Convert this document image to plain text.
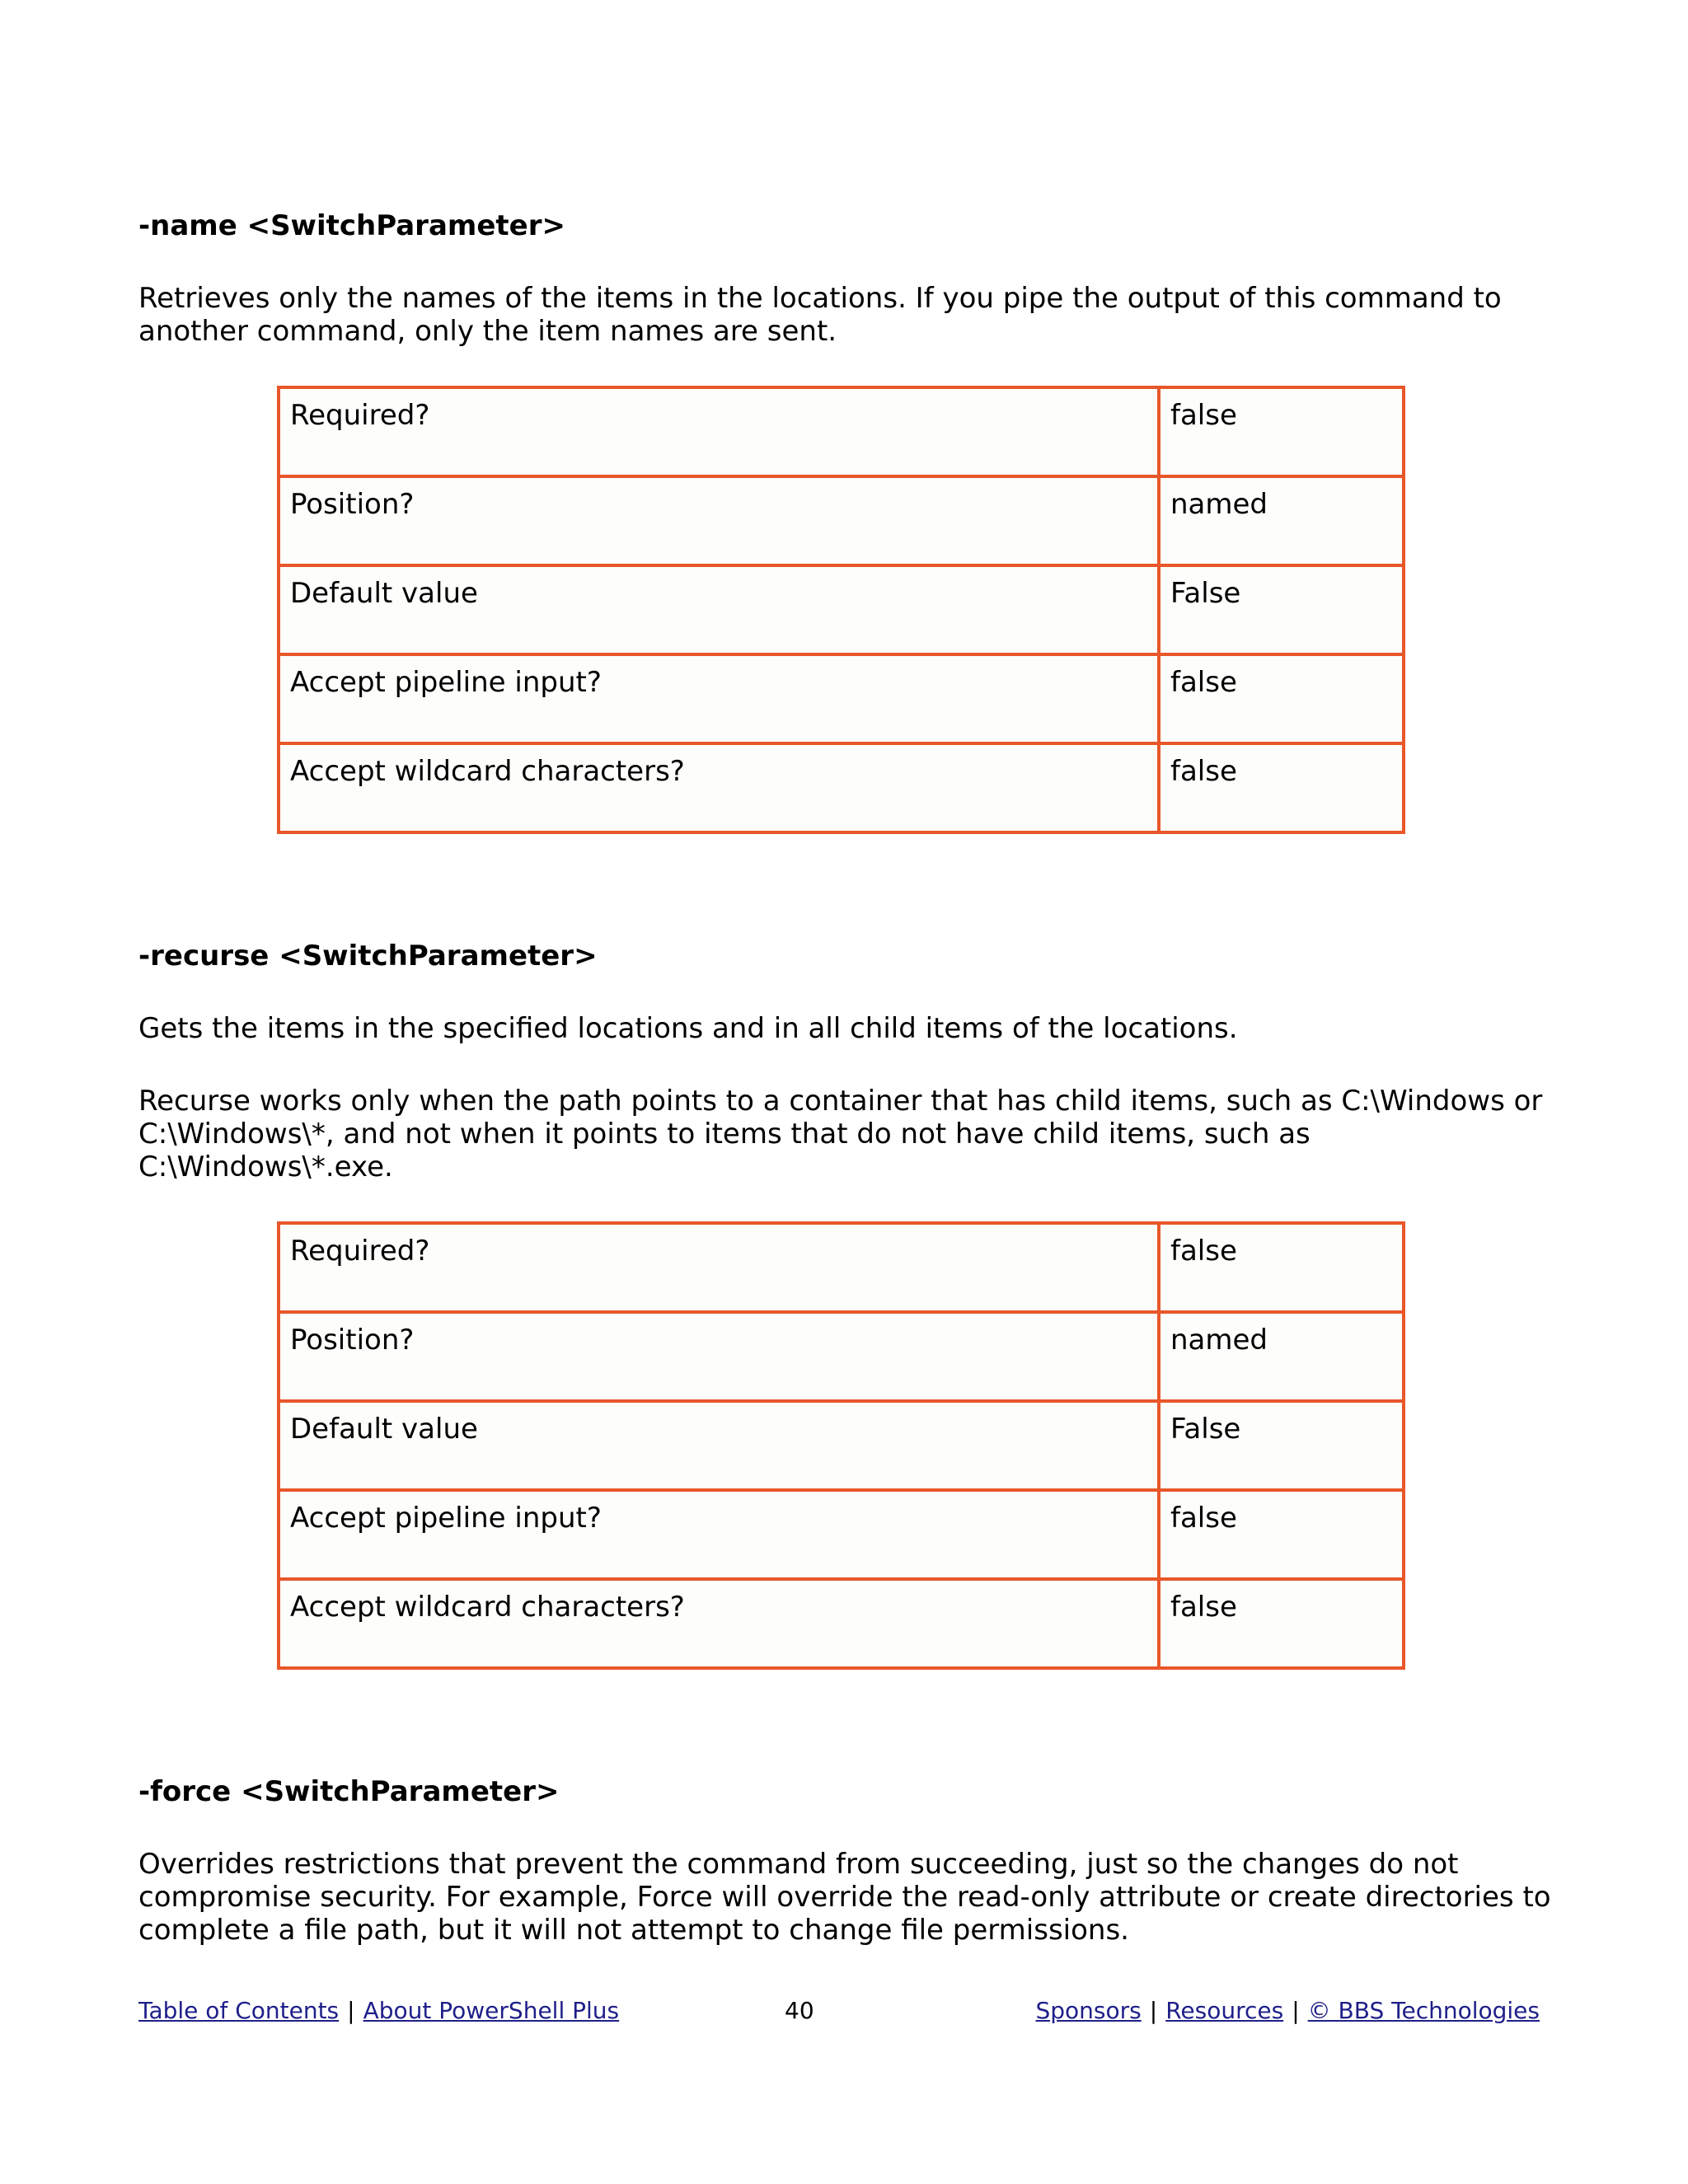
-name <SwitchParameter>

Retrieves only the names of the items in the locations. If you pipe the output of this command to another command, only the item names are sent.

Required?	false
Position?	named
Default value	False
Accept pipeline input?	false
Accept wildcard characters?	false
-recurse <SwitchParameter>

Gets the items in the specified locations and in all child items of the locations.

Recurse works only when the path points to a container that has child items, such as C:\Windows or C:\Windows\*, and not when it points to items that do not have child items, such as C:\Windows\*.exe.

Required?	false
Position?	named
Default value	False
Accept pipeline input?	false
Accept wildcard characters?	false
-force <SwitchParameter>

Overrides restrictions that prevent the command from succeeding, just so the changes do not compromise security. For example, Force will override the read-only attribute or create directories to complete a file path, but it will not attempt to change file permissions.

Table of Contents | About PowerShell Plus	40	Sponsors | Resources | © BBS Technologies
